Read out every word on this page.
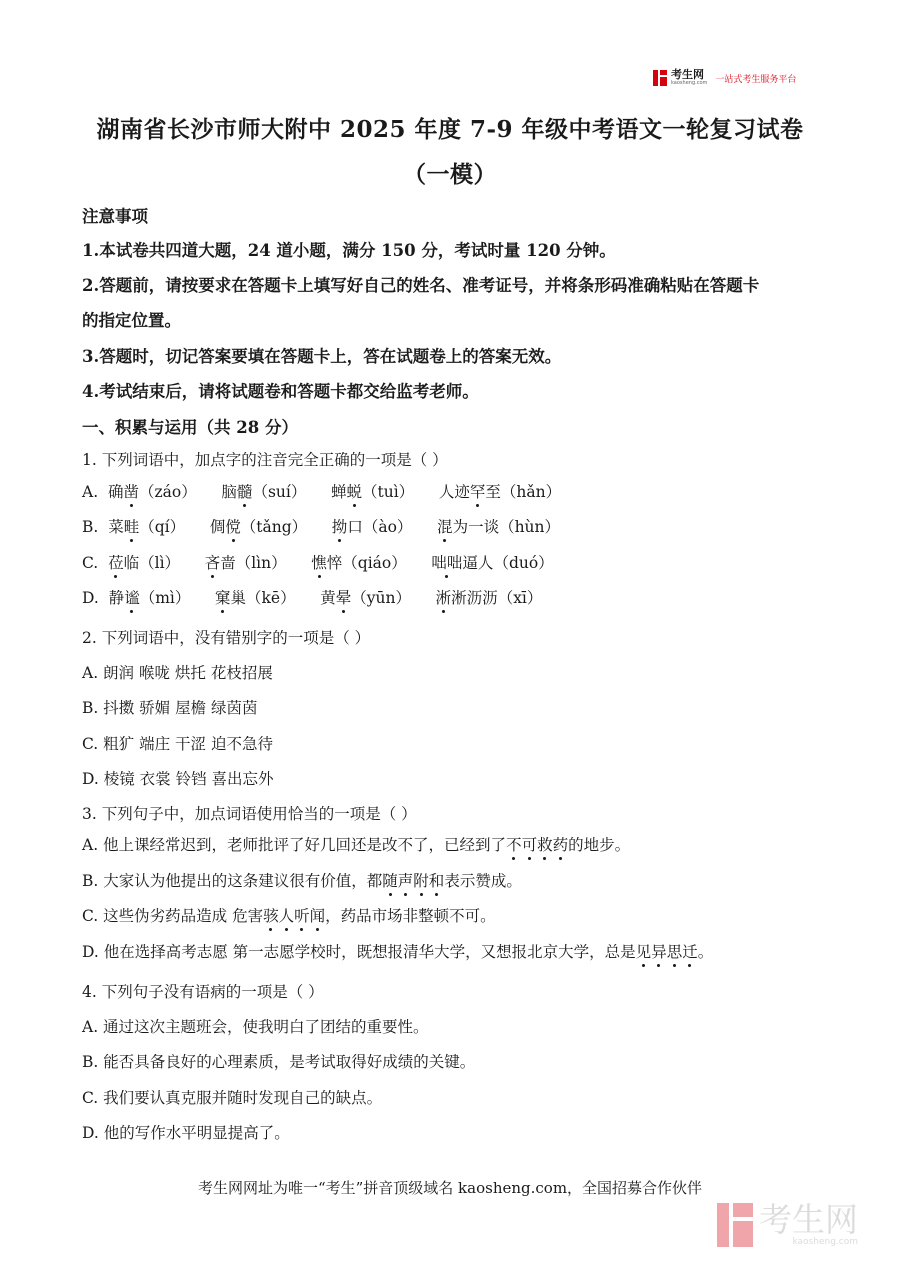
考生网
kaosheng.com 一站式考生服务平台
湖南省长沙市师大附中 2025 年度 7-9 年级中考语文一轮复习试卷
（一模）
注意事项
1.本试卷共四道大题，24 道小题，满分 150 分，考试时量 120 分钟。
2.答题前，请按要求在答题卡上填写好自己的姓名、准考证号，并将条形码准确粘贴在答题卡
的指定位置。
3.答题时，切记答案要填在答题卡上，答在试题卷上的答案无效。
4.考试结束后，请将试题卷和答题卡都交给监考老师。
一、积累与运用（共 28 分）
1. 下列词语中，加点字的注音完全正确的一项是（ ）
A. 确凿（záo） 脑髓（suí） 蝉蜕（tuì） 人迹罕至（hǎn）
B. 菜畦（qí） 倜傥（tǎng） 拗口（ào） 混为一谈（hùn）
C. 莅临（lì） 吝啬（lìn） 憔悴（qiáo） 咄咄逼人（duó）
D. 静谧（mì） 窠巢（kē） 黄晕（yūn） 淅淅沥沥（xī）
2. 下列词语中，没有错别字的一项是（ ）
A. 朗润 喉咙 烘托 花枝招展
B. 抖擞 骄媚 屋檐 绿茵茵
C. 粗犷 端庄 干涩 迫不急待
D. 棱镜 衣裳 铃铛 喜出忘外
3. 下列句子中，加点词语使用恰当的一项是（ ）
A. 他上课经常迟到，老师批评了好几回还是改不了，已经到了不可救药的地步。
B. 大家认为他提出的这条建议很有价值，都随声附和表示赞成。
C. 这些伪劣药品造成 危害骇人听闻，药品市场非整顿不可。
D. 他在选择高考志愿 第一志愿学校时，既想报清华大学，又想报北京大学，总是见异思迁。
4. 下列句子没有语病的一项是（ ）
A. 通过这次主题班会，使我明白了团结的重要性。
B. 能否具备良好的心理素质，是考试取得好成绩的关键。
C. 我们要认真克服并随时发现自己的缺点。
D. 他的写作水平明显提高了。
考生网网址为唯一“考生”拼音顶级域名 kaosheng.com，全国招募合作伙伴
考生网
kaosheng.com
